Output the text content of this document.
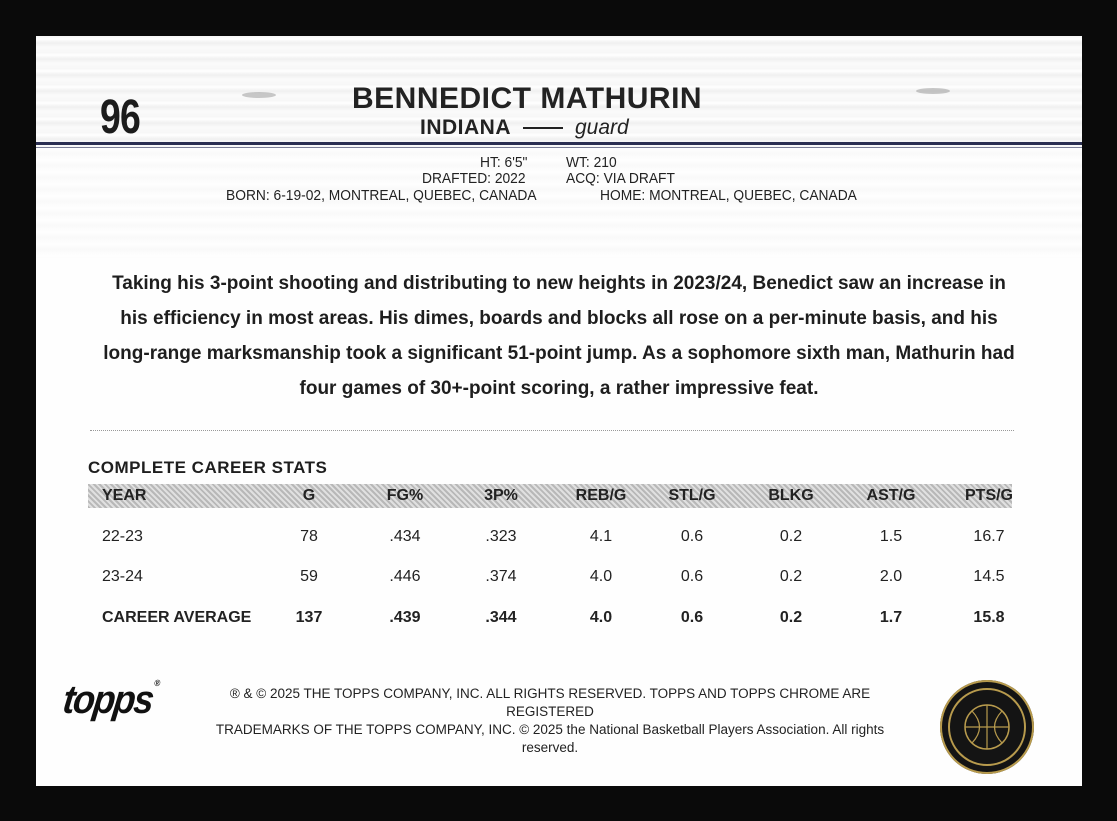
96	BENNEDICT MATHURIN
INDIANA	guard
HT: 6'5"	WT: 210
DRAFTED: 2022	ACQ: VIA DRAFT
BORN: 6-19-02, MONTREAL, QUEBEC, CANADA	HOME: MONTREAL, QUEBEC, CANADA
Taking his 3-point shooting and distributing to new heights in 2023/24, Benedict saw an increase in his efficiency in most areas. His dimes, boards and blocks all rose on a per-minute basis, and his long-range marksmanship took a significant 51-point jump. As a sophomore sixth man, Mathurin had four games of 30+-point scoring, a rather impressive feat.
COMPLETE CAREER STATS
YEAR	G	FG%	3P%	REB/G	STL/G	BLKG	AST/G	PTS/G
22-23	78	.434	.323	4.1	0.6	0.2	1.5	16.7
23-24	59	.446	.374	4.0	0.6	0.2	2.0	14.5
CAREER AVERAGE	137	.439	.344	4.0	0.6	0.2	1.7	15.8
topps®
® & © 2025 THE TOPPS COMPANY, INC. ALL RIGHTS RESERVED. TOPPS AND TOPPS CHROME ARE REGISTERED
TRADEMARKS OF THE TOPPS COMPANY, INC. © 2025 the National Basketball Players Association. All rights reserved.
